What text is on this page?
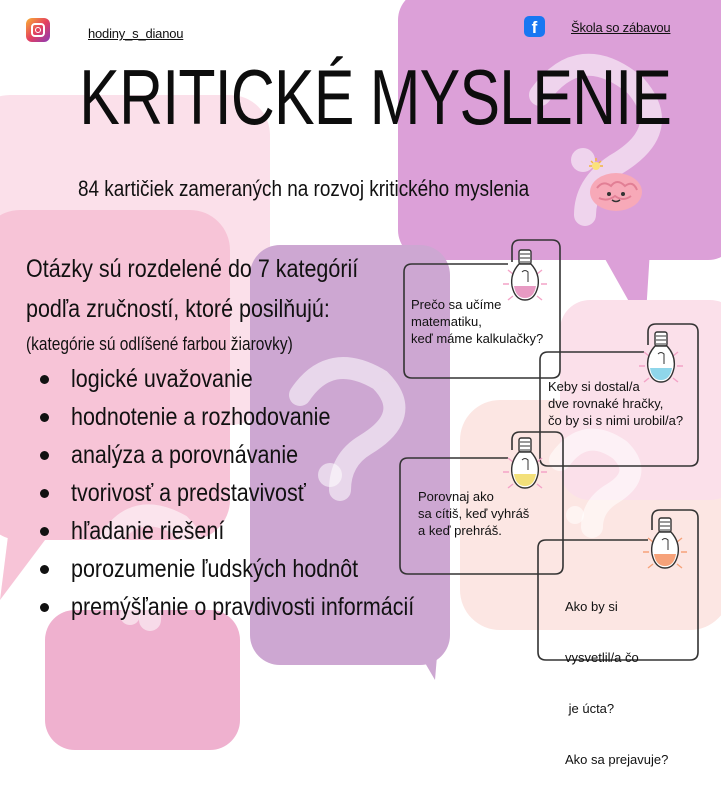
hodiny_s_dianou	f	Škola so zábavou
KRITICKÉ MYSLENIE
84 kartičiek zameraných na rozvoj kritického myslenia
Otázky sú rozdelené do 7 kategórií
podľa zručností, ktoré posilňujú:
(kategórie sú odlíšené farbou žiarovky)
logické uvažovanie
hodnotenie a rozhodovanie
analýza a porovnávanie
tvorivosť a predstavivosť
hľadanie riešení
porozumenie ľudských hodnôt
premýšľanie o pravdivosti informácií
Prečo sa učíme
matematiku,
keď máme kalkulačky?
Keby si dostal/a
dve rovnaké hračky,
čo by si s nimi urobil/a?
Porovnaj ako
sa cítiš, keď vyhráš
a keď prehráš.

Ako by si

vysvetlil/a čo

je úcta?

Ako sa prejavuje?
